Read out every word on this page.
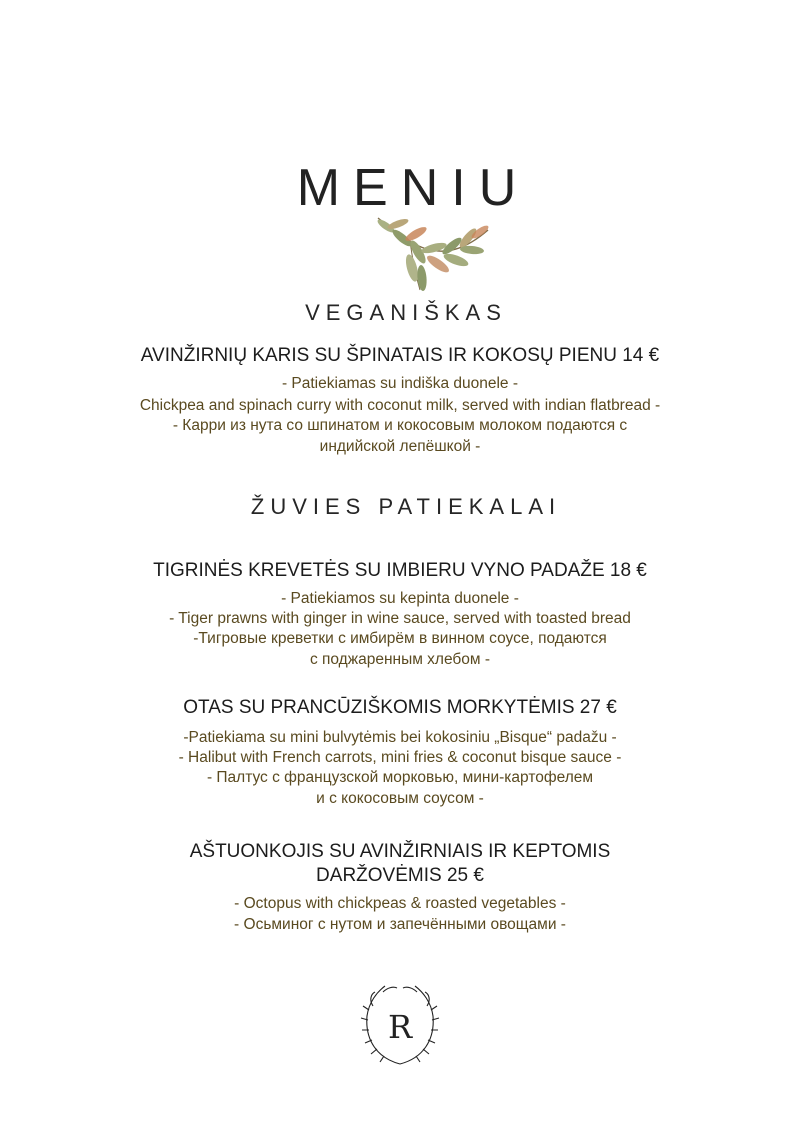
MENIU
VEGANIŠKAS
AVINŽIRNIŲ KARIS SU ŠPINATAIS IR KOKOSŲ PIENU 14 €
- Patiekiamas su indiška duonele -
Chickpea and spinach curry with coconut milk, served with indian flatbread -
- Карри из нута со шпинатом и кокосовым молоком подаются с
индийской лепёшкой -
ŽUVIES PATIEKALAI
TIGRINĖS KREVETĖS SU IMBIERU VYNO PADAŽE 18 €
- Patiekiamos su kepinta duonele -
- Tiger prawns with ginger in wine sauce, served with toasted bread
-Тигровые креветки с имбирём в винном соусе, подаются
с поджаренным хлебом -
OTAS SU PRANCŪZIŠKOMIS MORKYTĖMIS 27 €
-Patiekiama su mini bulvytėmis bei kokosiniu „Bisque“ padažu -
- Halibut with French carrots, mini fries & coconut bisque sauce -
- Палтус с французской морковью, мини-картофелем
и с кокосовым соусом -
AŠTUONKOJIS SU AVINŽIRNIAIS IR KEPTOMIS
DARŽOVĖMIS 25 €
- Octopus with chickpeas & roasted vegetables -
- Осьминог с нутом и запечёнными овощами -
R
